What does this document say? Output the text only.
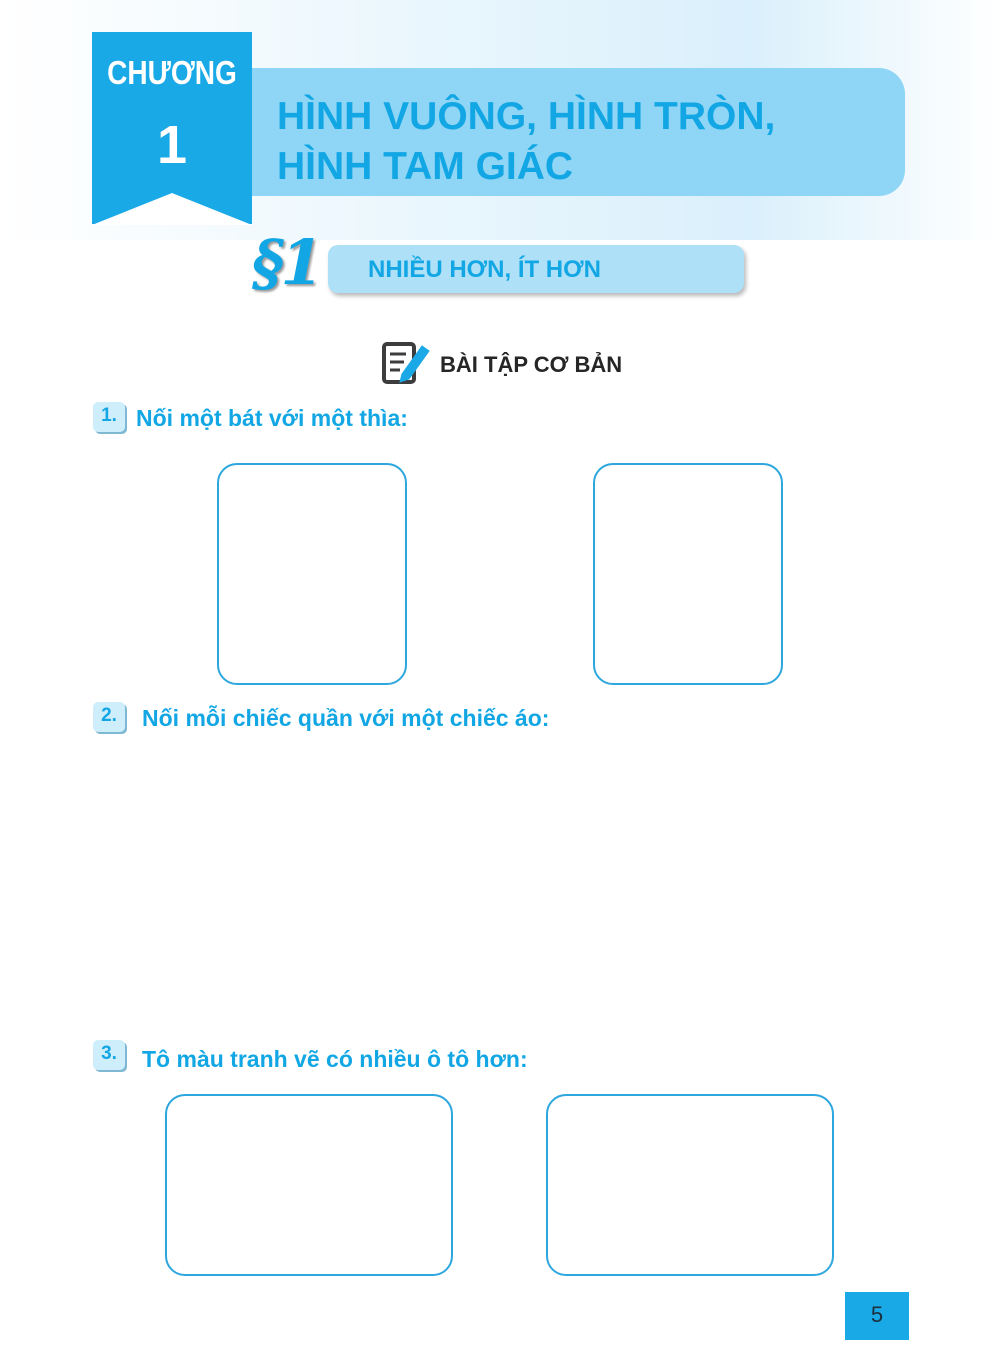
CHƯƠNG
1	HÌNH VUÔNG, HÌNH TRÒN,
HÌNH TAM GIÁC
§1 NHIỀU HƠN, ÍT HƠN
BÀI TẬP CƠ BẢN
1. Nối một bát với một thìa:
2.	Nối mỗi chiếc quần với một chiếc áo:
3.	Tô màu tranh vẽ có nhiều ô tô hơn:
5
